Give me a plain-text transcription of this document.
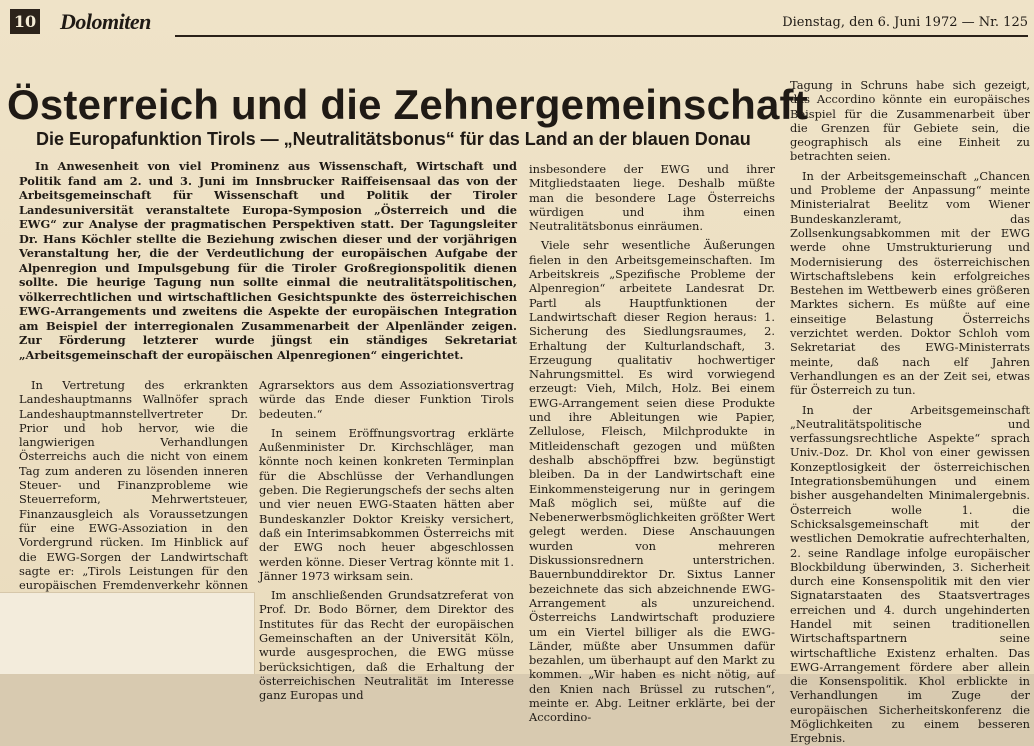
10 Dolomiten	Dienstag, den 6. Juni 1972 — Nr. 125
Österreich und die Zehnergemeinschaft
Die Europafunktion Tirols — „Neutralitätsbonus“ für das Land an der blauen Donau

In Anwesenheit von viel Prominenz aus Wissenschaft, Wirtschaft und Politik fand am 2. und 3. Juni im Innsbrucker Raiffeisensaal das von der Arbeitsgemeinschaft für Wissenschaft und Politik der Tiroler Landesuniversität veranstaltete Europa-Symposion „Österreich und die EWG“ zur Analyse der pragmatischen Perspektiven statt. Der Tagungsleiter Dr. Hans Köchler stellte die Beziehung zwischen dieser und der vorjährigen Veranstaltung her, die der Verdeutlichung der europäischen Aufgabe der Alpenregion und Impulsgebung für die Tiroler Großregionspolitik dienen sollte. Die heurige Tagung nun sollte einmal die neutralitätspolitischen, völkerrechtlichen und wirtschaftlichen Gesichtspunkte des österreichischen EWG-Arrangements und zweitens die Aspekte der europäischen Integration am Beispiel der interregionalen Zusammenarbeit der Alpenländer zeigen. Zur Förderung letzterer wurde jüngst ein ständiges Sekretariat „Arbeitsgemeinschaft der europäischen Alpenregionen“ eingerichtet.

In Vertretung des erkrankten Landeshauptmanns Wallnöfer sprach Landeshauptmannstellvertreter Dr. Prior und hob hervor, wie die langwierigen Verhandlungen Österreichs auch die nicht von einem Tag zum anderen zu lösenden inneren Steuer- und Finanzprobleme wie Steuerreform, Mehrwertsteuer, Finanzausgleich als Voraussetzungen für eine EWG-Assoziation in den Vordergrund rücken. Im Hinblick auf die EWG-Sorgen der Landwirtschaft sagte er: „Tirols Leistungen für den europäischen Fremdenverkehr können

Agrarsektors aus dem Assoziationsvertrag würde das Ende dieser Funktion Tirols bedeuten.“

In seinem Eröffnungsvortrag erklärte Außenminister Dr. Kirchschläger, man könnte noch keinen konkreten Terminplan für die Abschlüsse der Verhandlungen geben. Die Regierungschefs der sechs alten und vier neuen EWG-Staaten hätten aber Bundeskanzler Doktor Kreisky versichert, daß ein Interimsabkommen Österreichs mit der EWG noch heuer abgeschlossen werden könne. Dieser Vertrag könnte mit 1. Jänner 1973 wirksam sein.

Im anschließenden Grundsatzreferat von Prof. Dr. Bodo Börner, dem Direktor des Institutes für das Recht der europäischen Gemeinschaften an der Universität Köln, wurde ausgesprochen, die EWG müsse berücksichtigen, daß die Erhaltung der österreichischen Neutralität im Interesse ganz Europas und

insbesondere der EWG und ihrer Mitgliedstaaten liege. Deshalb müßte man die besondere Lage Österreichs würdigen und ihm einen Neutralitätsbonus einräumen.

Viele sehr wesentliche Äußerungen fielen in den Arbeitsgemeinschaften. Im Arbeitskreis „Spezifische Probleme der Alpenregion“ arbeitete Landesrat Dr. Partl als Hauptfunktionen der Landwirtschaft dieser Region heraus: 1. Sicherung des Siedlungsraumes, 2. Erhaltung der Kulturlandschaft, 3. Erzeugung qualitativ hochwertiger Nahrungsmittel. Es wird vorwiegend erzeugt: Vieh, Milch, Holz. Bei einem EWG-Arrangement seien diese Produkte und ihre Ableitungen wie Papier, Zellulose, Fleisch, Milchprodukte in Mitleidenschaft gezogen und müßten deshalb abschöpffrei bzw. begünstigt bleiben. Da in der Landwirtschaft eine Einkommensteigerung nur in geringem Maß möglich sei, müßte auf die Nebenerwerbsmöglichkeiten größter Wert gelegt werden. Diese Anschauungen wurden von mehreren Diskussionsrednern unterstrichen. Bauernbunddirektor Dr. Sixtus Lanner bezeichnete das sich abzeichnende EWG-Arrangement als unzureichend. Österreichs Landwirtschaft produziere um ein Viertel billiger als die EWG-Länder, müßte aber Unsummen dafür bezahlen, um überhaupt auf den Markt zu kommen. „Wir haben es nicht nötig, auf den Knien nach Brüssel zu rutschen“, meinte er. Abg. Leitner erklärte, bei der Accordino-

Tagung in Schruns habe sich gezeigt, das Accordino könnte ein europäisches Beispiel für die Zusammenarbeit über die Grenzen für Gebiete sein, die geographisch als eine Einheit zu betrachten seien.

In der Arbeitsgemeinschaft „Chancen und Probleme der Anpassung“ meinte Ministerialrat Beelitz vom Wiener Bundeskanzleramt, das Zollsenkungsabkommen mit der EWG werde ohne Umstrukturierung und Modernisierung des österreichischen Wirtschaftslebens kein erfolgreiches Bestehen im Wettbewerb eines größeren Marktes sichern. Es müßte auf eine einseitige Belastung Österreichs verzichtet werden. Doktor Schloh vom Sekretariat des EWG-Ministerrats meinte, daß nach elf Jahren Verhandlungen es an der Zeit sei, etwas für Österreich zu tun.

In der Arbeitsgemeinschaft „Neutralitätspolitische und verfassungsrechtliche Aspekte“ sprach Univ.-Doz. Dr. Khol von einer gewissen Konzeptlosigkeit der österreichischen Integrationsbemühungen und einem bisher ausgehandelten Minimalergebnis. Österreich wolle 1. die Schicksalsgemeinschaft mit der westlichen Demokratie aufrechterhalten, 2. seine Randlage infolge europäischer Blockbildung überwinden, 3. Sicherheit durch eine Konsenspolitik mit den vier Signatarstaaten des Staatsvertrages erreichen und 4. durch ungehinderten Handel mit seinen traditionellen Wirtschaftspartnern seine wirtschaftliche Existenz erhalten. Das EWG-Arrangement fördere aber allein die Konsenspolitik. Khol erblickte in Verhandlungen im Zuge der europäischen Sicherheitskonferenz die Möglichkeiten zu einem besseren Ergebnis.
